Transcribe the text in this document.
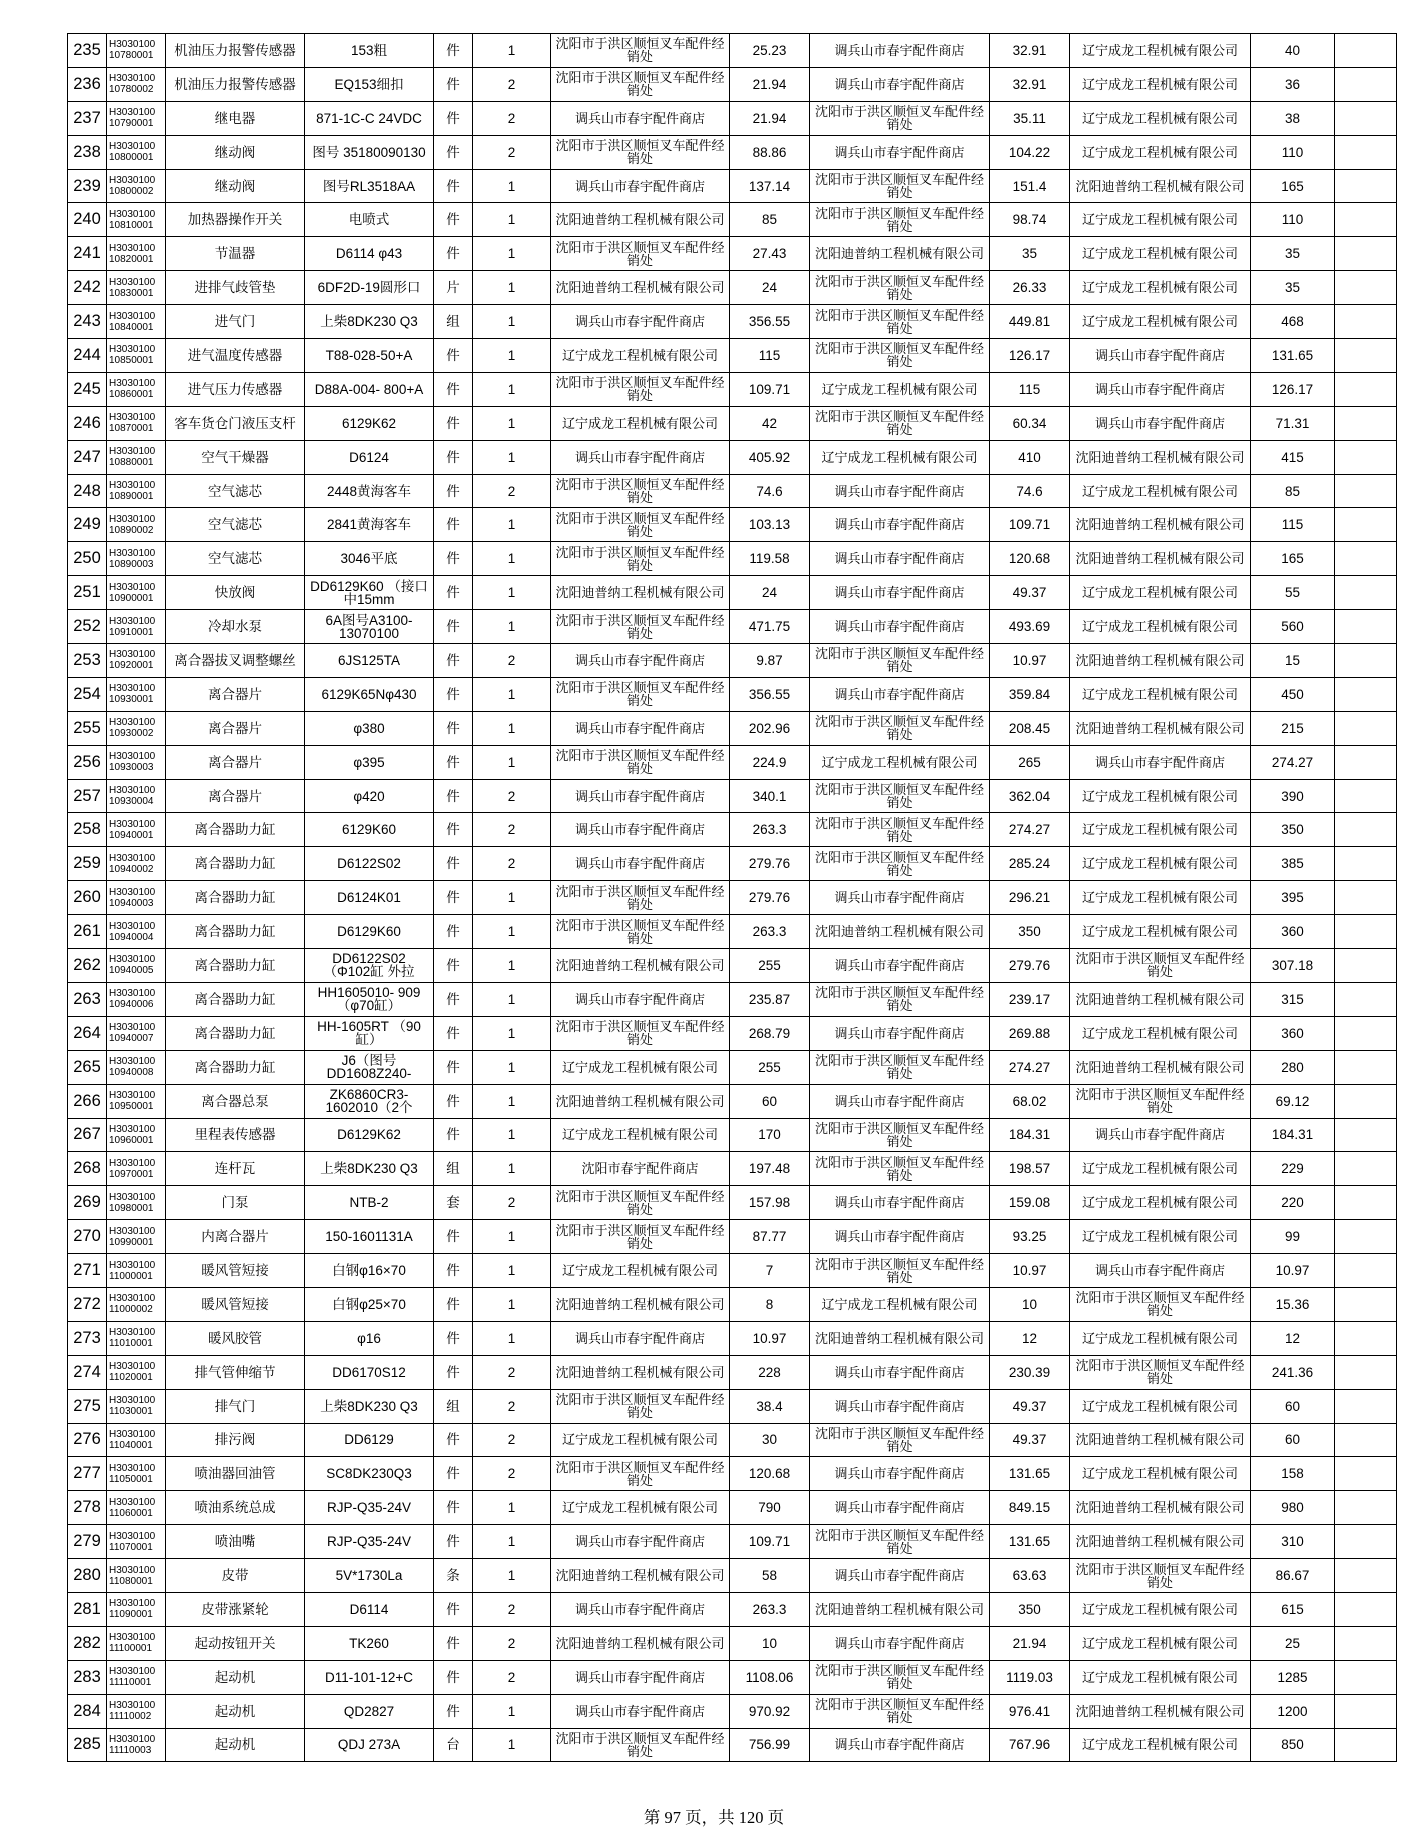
235	H3030100 10780001	机油压力报警传感器	153粗	件	1	沈阳市于洪区顺恒叉车配件经销处	25.23	调兵山市春宇配件商店	32.91	辽宁成龙工程机械有限公司	40	
236	H3030100 10780002	机油压力报警传感器	EQ153细扣	件	2	沈阳市于洪区顺恒叉车配件经销处	21.94	调兵山市春宇配件商店	32.91	辽宁成龙工程机械有限公司	36	
237	H3030100 10790001	继电器	871-1C-C 24VDC	件	2	调兵山市春宇配件商店	21.94	沈阳市于洪区顺恒叉车配件经销处	35.11	辽宁成龙工程机械有限公司	38	
238	H3030100 10800001	继动阀	图号 35180090130	件	2	沈阳市于洪区顺恒叉车配件经销处	88.86	调兵山市春宇配件商店	104.22	辽宁成龙工程机械有限公司	110	
239	H3030100 10800002	继动阀	图号RL3518AA	件	1	调兵山市春宇配件商店	137.14	沈阳市于洪区顺恒叉车配件经销处	151.4	沈阳迪普纳工程机械有限公司	165	
240	H3030100 10810001	加热器操作开关	电喷式	件	1	沈阳迪普纳工程机械有限公司	85	沈阳市于洪区顺恒叉车配件经销处	98.74	辽宁成龙工程机械有限公司	110	
241	H3030100 10820001	节温器	D6114 φ43	件	1	沈阳市于洪区顺恒叉车配件经销处	27.43	沈阳迪普纳工程机械有限公司	35	辽宁成龙工程机械有限公司	35	
242	H3030100 10830001	进排气歧管垫	6DF2D-19圆形口	片	1	沈阳迪普纳工程机械有限公司	24	沈阳市于洪区顺恒叉车配件经销处	26.33	辽宁成龙工程机械有限公司	35	
243	H3030100 10840001	进气门	上柴8DK230 Q3	组	1	调兵山市春宇配件商店	356.55	沈阳市于洪区顺恒叉车配件经销处	449.81	辽宁成龙工程机械有限公司	468	
244	H3030100 10850001	进气温度传感器	T88-028-50+A	件	1	辽宁成龙工程机械有限公司	115	沈阳市于洪区顺恒叉车配件经销处	126.17	调兵山市春宇配件商店	131.65	
245	H3030100 10860001	进气压力传感器	D88A-004- 800+A	件	1	沈阳市于洪区顺恒叉车配件经销处	109.71	辽宁成龙工程机械有限公司	115	调兵山市春宇配件商店	126.17	
246	H3030100 10870001	客车货仓门液压支杆	6129K62	件	1	辽宁成龙工程机械有限公司	42	沈阳市于洪区顺恒叉车配件经销处	60.34	调兵山市春宇配件商店	71.31	
247	H3030100 10880001	空气干燥器	D6124	件	1	调兵山市春宇配件商店	405.92	辽宁成龙工程机械有限公司	410	沈阳迪普纳工程机械有限公司	415	
248	H3030100 10890001	空气滤芯	2448黄海客车	件	2	沈阳市于洪区顺恒叉车配件经销处	74.6	调兵山市春宇配件商店	74.6	辽宁成龙工程机械有限公司	85	
249	H3030100 10890002	空气滤芯	2841黄海客车	件	1	沈阳市于洪区顺恒叉车配件经销处	103.13	调兵山市春宇配件商店	109.71	沈阳迪普纳工程机械有限公司	115	
250	H3030100 10890003	空气滤芯	3046平底	件	1	沈阳市于洪区顺恒叉车配件经销处	119.58	调兵山市春宇配件商店	120.68	沈阳迪普纳工程机械有限公司	165	
251	H3030100 10900001	快放阀	DD6129K60 （接口中15mm	件	1	沈阳迪普纳工程机械有限公司	24	调兵山市春宇配件商店	49.37	辽宁成龙工程机械有限公司	55	
252	H3030100 10910001	冷却水泵	6A图号A3100- 13070100	件	1	沈阳市于洪区顺恒叉车配件经销处	471.75	调兵山市春宇配件商店	493.69	辽宁成龙工程机械有限公司	560	
253	H3030100 10920001	离合器拔叉调整螺丝	6JS125TA	件	2	调兵山市春宇配件商店	9.87	沈阳市于洪区顺恒叉车配件经销处	10.97	沈阳迪普纳工程机械有限公司	15	
254	H3030100 10930001	离合器片	6129K65Nφ430	件	1	沈阳市于洪区顺恒叉车配件经销处	356.55	调兵山市春宇配件商店	359.84	辽宁成龙工程机械有限公司	450	
255	H3030100 10930002	离合器片	φ380	件	1	调兵山市春宇配件商店	202.96	沈阳市于洪区顺恒叉车配件经销处	208.45	沈阳迪普纳工程机械有限公司	215	
256	H3030100 10930003	离合器片	φ395	件	1	沈阳市于洪区顺恒叉车配件经销处	224.9	辽宁成龙工程机械有限公司	265	调兵山市春宇配件商店	274.27	
257	H3030100 10930004	离合器片	φ420	件	2	调兵山市春宇配件商店	340.1	沈阳市于洪区顺恒叉车配件经销处	362.04	辽宁成龙工程机械有限公司	390	
258	H3030100 10940001	离合器助力缸	6129K60	件	2	调兵山市春宇配件商店	263.3	沈阳市于洪区顺恒叉车配件经销处	274.27	辽宁成龙工程机械有限公司	350	
259	H3030100 10940002	离合器助力缸	D6122S02	件	2	调兵山市春宇配件商店	279.76	沈阳市于洪区顺恒叉车配件经销处	285.24	辽宁成龙工程机械有限公司	385	
260	H3030100 10940003	离合器助力缸	D6124K01	件	1	沈阳市于洪区顺恒叉车配件经销处	279.76	调兵山市春宇配件商店	296.21	辽宁成龙工程机械有限公司	395	
261	H3030100 10940004	离合器助力缸	D6129K60	件	1	沈阳市于洪区顺恒叉车配件经销处	263.3	沈阳迪普纳工程机械有限公司	350	辽宁成龙工程机械有限公司	360	
262	H3030100 10940005	离合器助力缸	DD6122S02 （Φ102缸 外拉	件	1	沈阳迪普纳工程机械有限公司	255	调兵山市春宇配件商店	279.76	沈阳市于洪区顺恒叉车配件经销处	307.18	
263	H3030100 10940006	离合器助力缸	HH1605010- 909（φ70缸）	件	1	调兵山市春宇配件商店	235.87	沈阳市于洪区顺恒叉车配件经销处	239.17	沈阳迪普纳工程机械有限公司	315	
264	H3030100 10940007	离合器助力缸	HH-1605RT （90缸）	件	1	沈阳市于洪区顺恒叉车配件经销处	268.79	调兵山市春宇配件商店	269.88	辽宁成龙工程机械有限公司	360	
265	H3030100 10940008	离合器助力缸	J6（图号 DD1608Z240-	件	1	辽宁成龙工程机械有限公司	255	沈阳市于洪区顺恒叉车配件经销处	274.27	沈阳迪普纳工程机械有限公司	280	
266	H3030100 10950001	离合器总泵	ZK6860CR3- 1602010（2个	件	1	沈阳迪普纳工程机械有限公司	60	调兵山市春宇配件商店	68.02	沈阳市于洪区顺恒叉车配件经销处	69.12	
267	H3030100 10960001	里程表传感器	D6129K62	件	1	辽宁成龙工程机械有限公司	170	沈阳市于洪区顺恒叉车配件经销处	184.31	调兵山市春宇配件商店	184.31	
268	H3030100 10970001	连杆瓦	上柴8DK230 Q3	组	1	沈阳市春宇配件商店	197.48	沈阳市于洪区顺恒叉车配件经销处	198.57	辽宁成龙工程机械有限公司	229	
269	H3030100 10980001	门泵	NTB-2	套	2	沈阳市于洪区顺恒叉车配件经销处	157.98	调兵山市春宇配件商店	159.08	辽宁成龙工程机械有限公司	220	
270	H3030100 10990001	内离合器片	150-1601131A	件	1	沈阳市于洪区顺恒叉车配件经销处	87.77	调兵山市春宇配件商店	93.25	辽宁成龙工程机械有限公司	99	
271	H3030100 11000001	暖风管短接	白钢φ16×70	件	1	辽宁成龙工程机械有限公司	7	沈阳市于洪区顺恒叉车配件经销处	10.97	调兵山市春宇配件商店	10.97	
272	H3030100 11000002	暖风管短接	白钢φ25×70	件	1	沈阳迪普纳工程机械有限公司	8	辽宁成龙工程机械有限公司	10	沈阳市于洪区顺恒叉车配件经销处	15.36	
273	H3030100 11010001	暖风胶管	φ16	件	1	调兵山市春宇配件商店	10.97	沈阳迪普纳工程机械有限公司	12	辽宁成龙工程机械有限公司	12	
274	H3030100 11020001	排气管伸缩节	DD6170S12	件	2	沈阳迪普纳工程机械有限公司	228	调兵山市春宇配件商店	230.39	沈阳市于洪区顺恒叉车配件经销处	241.36	
275	H3030100 11030001	排气门	上柴8DK230 Q3	组	2	沈阳市于洪区顺恒叉车配件经销处	38.4	调兵山市春宇配件商店	49.37	辽宁成龙工程机械有限公司	60	
276	H3030100 11040001	排污阀	DD6129	件	2	辽宁成龙工程机械有限公司	30	沈阳市于洪区顺恒叉车配件经销处	49.37	沈阳迪普纳工程机械有限公司	60	
277	H3030100 11050001	喷油器回油管	SC8DK230Q3	件	2	沈阳市于洪区顺恒叉车配件经销处	120.68	调兵山市春宇配件商店	131.65	辽宁成龙工程机械有限公司	158	
278	H3030100 11060001	喷油系统总成	RJP-Q35-24V	件	1	辽宁成龙工程机械有限公司	790	调兵山市春宇配件商店	849.15	沈阳迪普纳工程机械有限公司	980	
279	H3030100 11070001	喷油嘴	RJP-Q35-24V	件	1	调兵山市春宇配件商店	109.71	沈阳市于洪区顺恒叉车配件经销处	131.65	沈阳迪普纳工程机械有限公司	310	
280	H3030100 11080001	皮带	5V*1730La	条	1	沈阳迪普纳工程机械有限公司	58	调兵山市春宇配件商店	63.63	沈阳市于洪区顺恒叉车配件经销处	86.67	
281	H3030100 11090001	皮带涨紧轮	D6114	件	2	调兵山市春宇配件商店	263.3	沈阳迪普纳工程机械有限公司	350	辽宁成龙工程机械有限公司	615	
282	H3030100 11100001	起动按钮开关	TK260	件	2	沈阳迪普纳工程机械有限公司	10	调兵山市春宇配件商店	21.94	辽宁成龙工程机械有限公司	25	
283	H3030100 11110001	起动机	D11-101-12+C	件	2	调兵山市春宇配件商店	1108.06	沈阳市于洪区顺恒叉车配件经销处	1119.03	辽宁成龙工程机械有限公司	1285	
284	H3030100 11110002	起动机	QD2827	件	1	调兵山市春宇配件商店	970.92	沈阳市于洪区顺恒叉车配件经销处	976.41	沈阳迪普纳工程机械有限公司	1200	
285	H3030100 11110003	起动机	QDJ 273A	台	1	沈阳市于洪区顺恒叉车配件经销处	756.99	调兵山市春宇配件商店	767.96	辽宁成龙工程机械有限公司	850	
第 97 页，共 120 页
